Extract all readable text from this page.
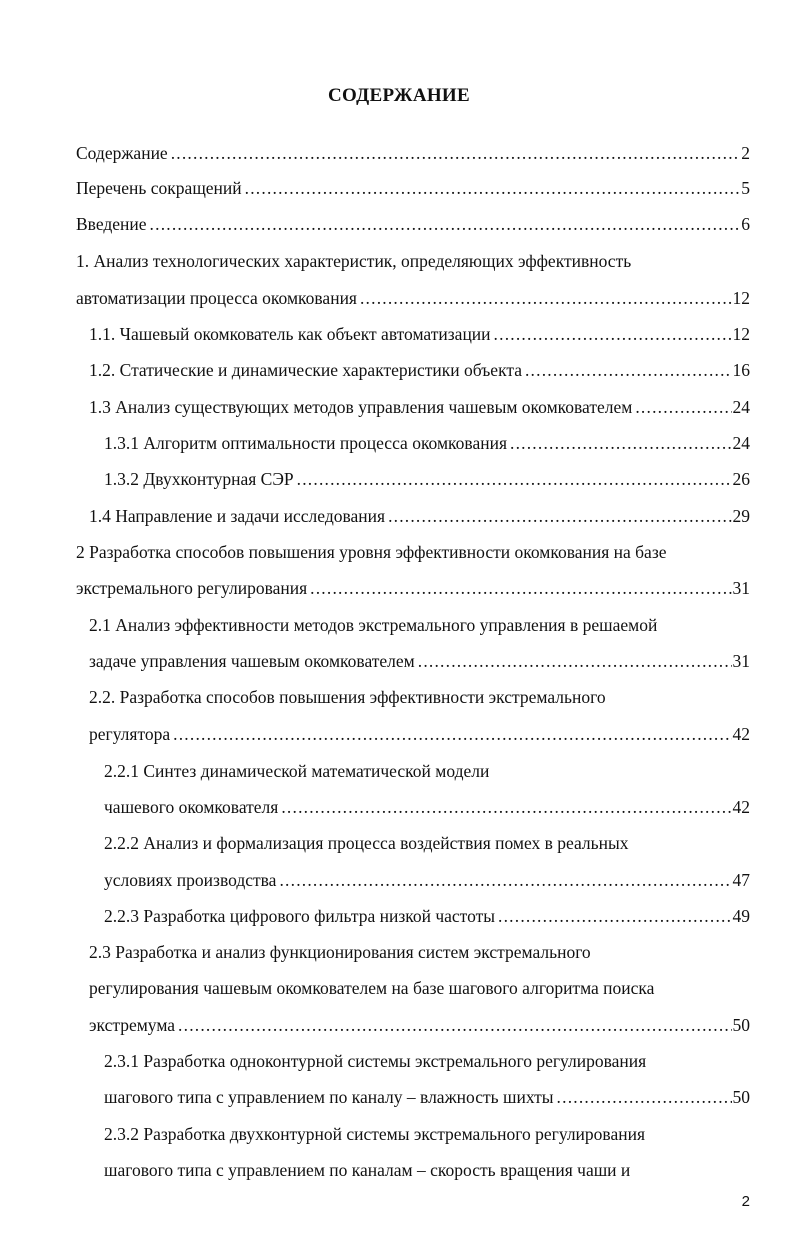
СОДЕРЖАНИЕ
Содержание .....	2
Перечень сокращений .....	5
Введение .....	6
1. Анализ технологических характеристик, определяющих эффективность
автоматизации процесса окомкования .....	12
1.1. Чашевый окомкователь как объект автоматизации .....	12
1.2. Статические и динамические характеристики объекта .....	16
1.3 Анализ существующих методов управления чашевым окомкователем .....	24
1.3.1 Алгоритм оптимальности процесса окомкования .....	24
1.3.2 Двухконтурная СЭР .....	26
1.4 Направление и задачи исследования .....	29
2 Разработка способов повышения уровня эффективности окомкования на базе
экстремального регулирования .....	31
2.1 Анализ эффективности методов экстремального управления в решаемой
задаче управления чашевым окомкователем .....	31
2.2. Разработка способов повышения эффективности экстремального
регулятора .....	42
2.2.1 Синтез динамической математической модели
чашевого окомкователя .....	42
2.2.2 Анализ и формализация процесса воздействия помех в реальных
условиях производства .....	47
2.2.3 Разработка цифрового фильтра низкой частоты .....	49
2.3 Разработка и анализ функционирования систем экстремального
регулирования чашевым окомкователем на базе шагового алгоритма поиска
экстремума .....	50
2.3.1 Разработка одноконтурной системы экстремального регулирования
шагового типа с управлением по каналу – влажность шихты .....	50
2.3.2 Разработка двухконтурной системы экстремального регулирования
шагового типа с управлением по каналам – скорость вращения чаши и
2
